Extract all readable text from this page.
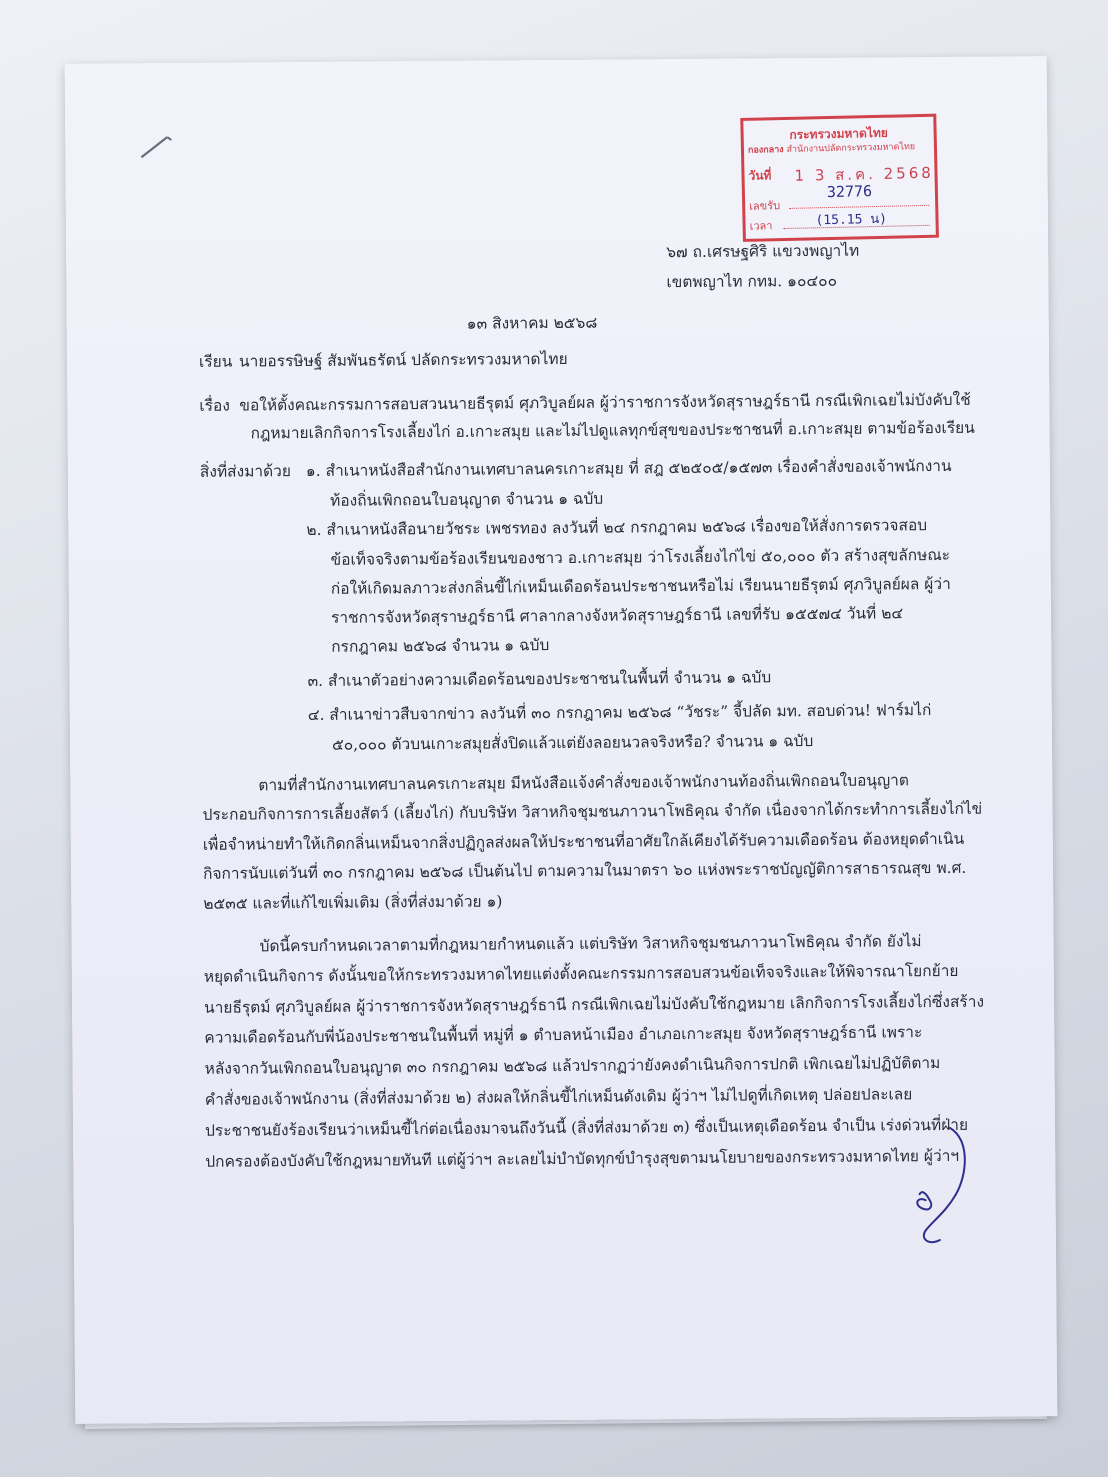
กระทรวงมหาดไทย
กองกลาง สำนักงานปลัดกระทรวงมหาดไทย
วันที่ 1 3 ส.ค. 2568
เลขรับ
32776
เวลา	(15.15 น)
๖๗ ถ.เศรษฐศิริ แขวงพญาไท
เขตพญาไท กทม. ๑๐๔๐๐
๑๓ สิงหาคม ๒๕๖๘
เรียน นายอรรษิษฐ์ สัมพันธรัตน์ ปลัดกระทรวงมหาดไทย
เรื่อง ขอให้ตั้งคณะกรรมการสอบสวนนายธีรุตม์ ศุภวิบูลย์ผล ผู้ว่าราชการจังหวัดสุราษฎร์ธานี กรณีเพิกเฉยไม่บังคับใช้
กฎหมายเลิกกิจการโรงเลี้ยงไก่ อ.เกาะสมุย และไม่ไปดูแลทุกข์สุขของประชาชนที่ อ.เกาะสมุย ตามข้อร้องเรียน
สิ่งที่ส่งมาด้วย ๑. สำเนาหนังสือสำนักงานเทศบาลนครเกาะสมุย ที่ สฎ ๕๒๕๐๕/๑๕๗๓ เรื่องคำสั่งของเจ้าพนักงาน
ท้องถิ่นเพิกถอนใบอนุญาต จำนวน ๑ ฉบับ
๒. สำเนาหนังสือนายวัชระ เพชรทอง ลงวันที่ ๒๔ กรกฎาคม ๒๕๖๘ เรื่องขอให้สั่งการตรวจสอบ
ข้อเท็จจริงตามข้อร้องเรียนของชาว อ.เกาะสมุย ว่าโรงเลี้ยงไก่ไข่ ๕๐,๐๐๐ ตัว สร้างสุขลักษณะ
ก่อให้เกิดมลภาวะส่งกลิ่นขี้ไก่เหม็นเดือดร้อนประชาชนหรือไม่ เรียนนายธีรุตม์ ศุภวิบูลย์ผล ผู้ว่า
ราชการจังหวัดสุราษฎร์ธานี ศาลากลางจังหวัดสุราษฎร์ธานี เลขที่รับ ๑๕๕๗๔ วันที่ ๒๔
กรกฎาคม ๒๕๖๘ จำนวน ๑ ฉบับ
๓. สำเนาตัวอย่างความเดือดร้อนของประชาชนในพื้นที่ จำนวน ๑ ฉบับ
๔. สำเนาข่าวสืบจากข่าว ลงวันที่ ๓๐ กรกฎาคม ๒๕๖๘ “วัชระ” จี้ปลัด มท. สอบด่วน! ฟาร์มไก่
๕๐,๐๐๐ ตัวบนเกาะสมุยสั่งปิดแล้วแต่ยังลอยนวลจริงหรือ? จำนวน ๑ ฉบับ
ตามที่สำนักงานเทศบาลนครเกาะสมุย มีหนังสือแจ้งคำสั่งของเจ้าพนักงานท้องถิ่นเพิกถอนใบอนุญาต
ประกอบกิจการการเลี้ยงสัตว์ (เลี้ยงไก่) กับบริษัท วิสาหกิจชุมชนภาวนาโพธิคุณ จำกัด เนื่องจากได้กระทำการเลี้ยงไก่ไข่
เพื่อจำหน่ายทำให้เกิดกลิ่นเหม็นจากสิ่งปฏิกูลส่งผลให้ประชาชนที่อาศัยใกล้เคียงได้รับความเดือดร้อน ต้องหยุดดำเนิน
กิจการนับแต่วันที่ ๓๐ กรกฎาคม ๒๕๖๘ เป็นต้นไป ตามความในมาตรา ๖๐ แห่งพระราชบัญญัติการสาธารณสุข พ.ศ.
๒๕๓๕ และที่แก้ไขเพิ่มเติม (สิ่งที่ส่งมาด้วย ๑)
บัดนี้ครบกำหนดเวลาตามที่กฎหมายกำหนดแล้ว แต่บริษัท วิสาหกิจชุมชนภาวนาโพธิคุณ จำกัด ยังไม่
หยุดดำเนินกิจการ ดังนั้นขอให้กระทรวงมหาดไทยแต่งตั้งคณะกรรมการสอบสวนข้อเท็จจริงและให้พิจารณาโยกย้าย
นายธีรุตม์ ศุภวิบูลย์ผล ผู้ว่าราชการจังหวัดสุราษฎร์ธานี กรณีเพิกเฉยไม่บังคับใช้กฎหมาย เลิกกิจการโรงเลี้ยงไก่ซึ่งสร้าง
ความเดือดร้อนกับพี่น้องประชาชนในพื้นที่ หมู่ที่ ๑ ตำบลหน้าเมือง อำเภอเกาะสมุย จังหวัดสุราษฎร์ธานี เพราะ
หลังจากวันเพิกถอนใบอนุญาต ๓๐ กรกฎาคม ๒๕๖๘ แล้วปรากฏว่ายังคงดำเนินกิจการปกติ เพิกเฉยไม่ปฏิบัติตาม
คำสั่งของเจ้าพนักงาน (สิ่งที่ส่งมาด้วย ๒) ส่งผลให้กลิ่นขี้ไก่เหม็นดังเดิม ผู้ว่าฯ ไม่ไปดูที่เกิดเหตุ ปล่อยปละเลย
ประชาชนยังร้องเรียนว่าเหม็นขี้ไก่ต่อเนื่องมาจนถึงวันนี้ (สิ่งที่ส่งมาด้วย ๓) ซึ่งเป็นเหตุเดือดร้อน จำเป็น เร่งด่วนที่ฝ่าย
ปกครองต้องบังคับใช้กฎหมายทันที แต่ผู้ว่าฯ ละเลยไม่บำบัดทุกข์บำรุงสุขตามนโยบายของกระทรวงมหาดไทย ผู้ว่าฯ
